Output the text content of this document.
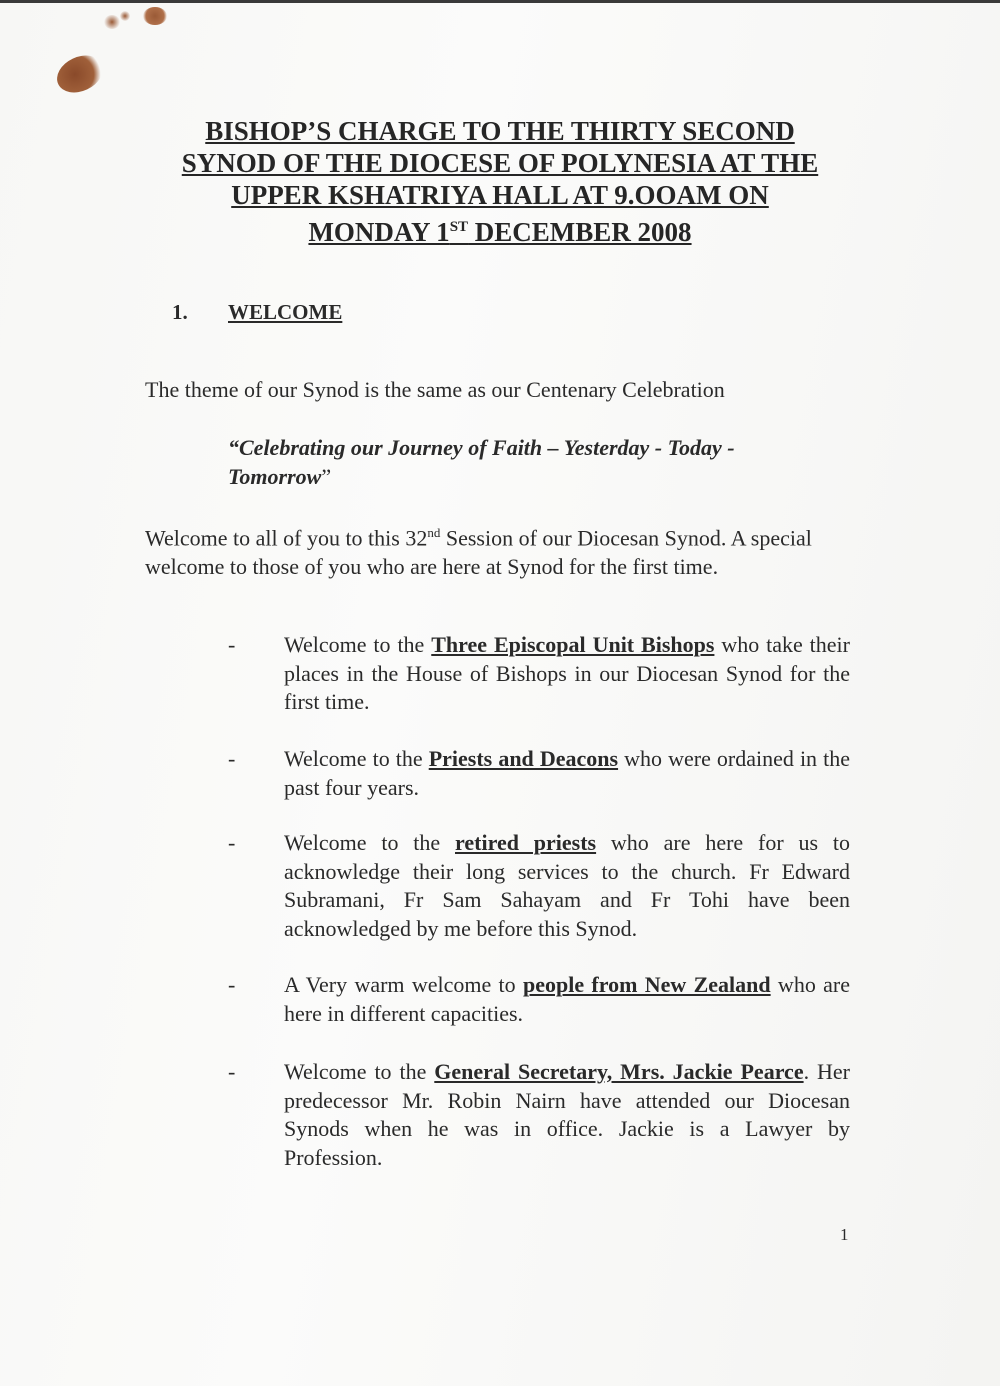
BISHOP’S CHARGE TO THE THIRTY SECOND
SYNOD OF THE DIOCESE OF POLYNESIA AT THE
UPPER KSHATRIYA HALL AT 9.OOAM ON
MONDAY 1ST DECEMBER 2008
1. WELCOME
The theme of our Synod is the same as our Centenary Celebration
“Celebrating our Journey of Faith – Yesterday - Today - Tomorrow”
Welcome to all of you to this 32nd Session of our Diocesan Synod. A special welcome to those of you who are here at Synod for the first time.
- Welcome to the Three Episcopal Unit Bishops who take their places in the House of Bishops in our Diocesan Synod for the first time.
- Welcome to the Priests and Deacons who were ordained in the past four years.
- Welcome to the retired priests who are here for us to acknowledge their long services to the church. Fr Edward Subramani, Fr Sam Sahayam and Fr Tohi have been acknowledged by me before this Synod.
- A Very warm welcome to people from New Zealand who are here in different capacities.
- Welcome to the General Secretary, Mrs. Jackie Pearce. Her predecessor Mr. Robin Nairn have attended our Diocesan Synods when he was in office. Jackie is a Lawyer by Profession.
1
